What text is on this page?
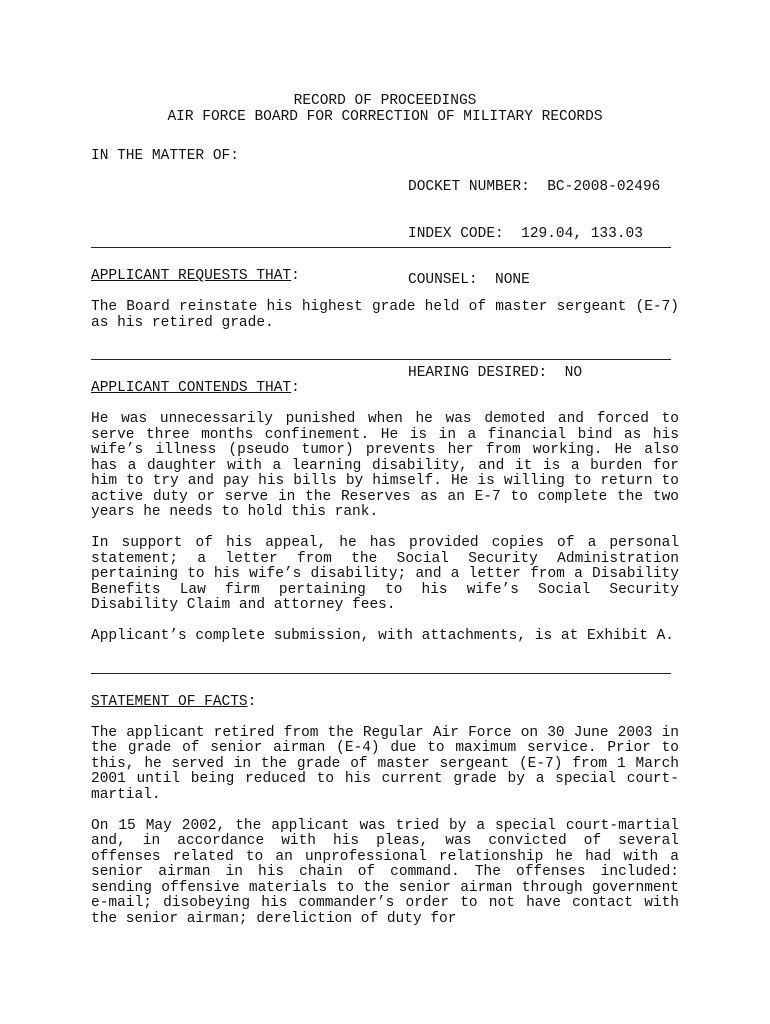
RECORD OF PROCEEDINGS

AIR FORCE BOARD FOR CORRECTION OF MILITARY RECORDS

IN THE MATTER OF:

DOCKET NUMBER:  BC-2008-02496

INDEX CODE:  129.04, 133.03

COUNSEL:  NONE

HEARING DESIRED:  NO

APPLICANT REQUESTS THAT:

The Board reinstate his highest grade held of master sergeant (E-7) as his retired grade.

APPLICANT CONTENDS THAT:

He was unnecessarily punished when he was demoted and forced to serve three months confinement. He is in a financial bind as his wife’s illness (pseudo tumor) prevents her from working. He also has a daughter with a learning disability, and it is a burden for him to try and pay his bills by himself. He is willing to return to active duty or serve in the Reserves as an E-7 to complete the two years he needs to hold this rank.

In support of his appeal, he has provided copies of a personal statement; a letter from the Social Security Administration pertaining to his wife’s disability; and a letter from a Disability Benefits Law firm pertaining to his wife’s Social Security Disability Claim and attorney fees.

Applicant’s complete submission, with attachments, is at Exhibit A.

STATEMENT OF FACTS:

The applicant retired from the Regular Air Force on 30 June 2003 in the grade of senior airman (E-4) due to maximum service. Prior to this, he served in the grade of master sergeant (E-7) from 1 March 2001 until being reduced to his current grade by a special court-martial.

On 15 May 2002, the applicant was tried by a special court-martial and, in accordance with his pleas, was convicted of several offenses related to an unprofessional relationship he had with a senior airman in his chain of command. The offenses included: sending offensive materials to the senior airman through government e-mail; disobeying his commander’s order to not have contact with the senior airman; dereliction of duty for
